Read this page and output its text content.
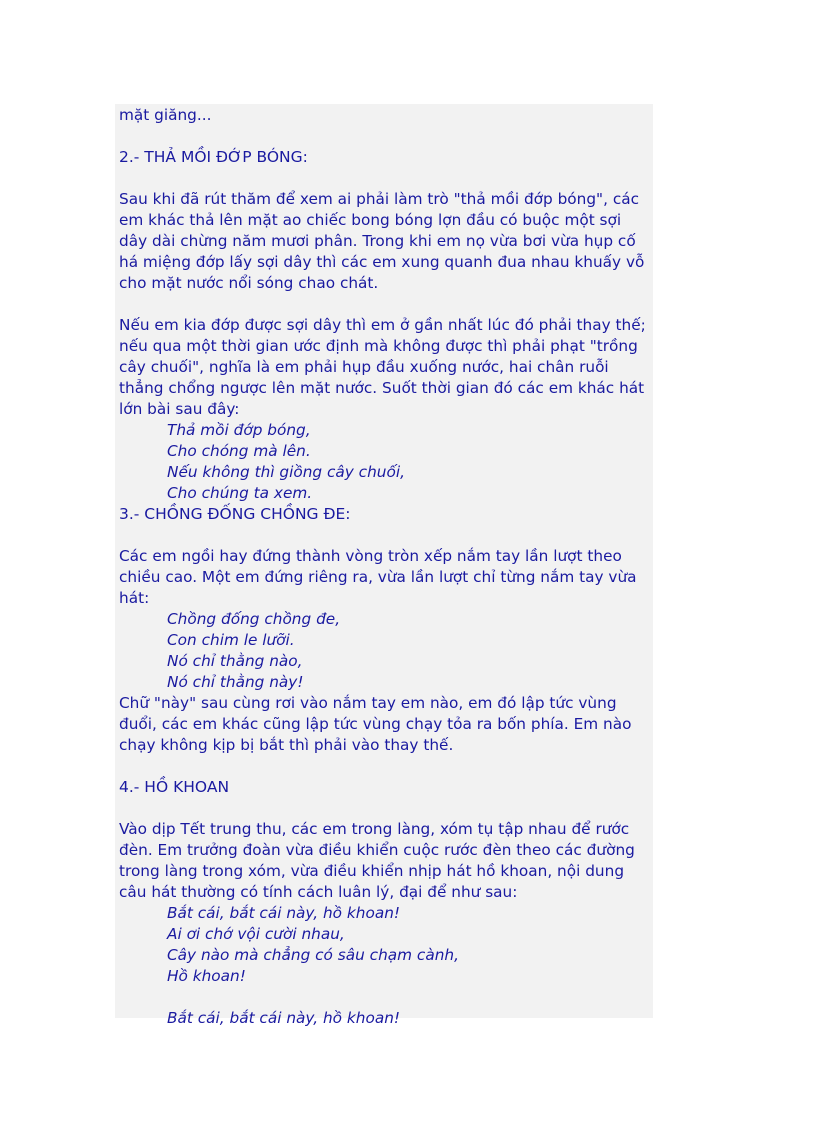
mặt giăng...

2.- THẢ MỒI ĐỚP BÓNG:

Sau khi đã rút thăm để xem ai phải làm trò "thả mồi đớp bóng", các em khác thả lên mặt ao chiếc bong bóng lợn đầu có buộc một sợi dây dài chừng năm mươi phân. Trong khi em nọ vừa bơi vừa hụp cố há miệng đớp lấy sợi dây thì các em xung quanh đua nhau khuấy vỗ cho mặt nước nổi sóng chao chát.

Nếu em kia đớp được sợi dây thì em ở gần nhất lúc đó phải thay thế; nếu qua một thời gian ước định mà không được thì phải phạt "trồng cây chuối", nghĩa là em phải hụp đầu xuống nước, hai chân ruỗi thẳng chổng ngược lên mặt nước. Suốt thời gian đó các em khác hát lớn bài sau đây:

Thả mồi đớp bóng,

Cho chóng mà lên.

Nếu không thì giồng cây chuối,

Cho chúng ta xem.

3.- CHỒNG ĐỐNG CHỒNG ĐE:

Các em ngồi hay đứng thành vòng tròn xếp nắm tay lần lượt theo chiều cao. Một em đứng riêng ra, vừa lần lượt chỉ từng nắm tay vừa hát:

Chồng đống chồng đe,

Con chim le lưỡi.

Nó chỉ thằng nào,

Nó chỉ thằng này!

Chữ "này" sau cùng rơi vào nắm tay em nào, em đó lập tức vùng đuổi, các em khác cũng lập tức vùng chạy tỏa ra bốn phía. Em nào chạy không kịp bị bắt thì phải vào thay thế.

4.- HỒ KHOAN

Vào dịp Tết trung thu, các em trong làng, xóm tụ tập nhau để rước đèn. Em trưởng đoàn vừa điều khiển cuộc rước đèn theo các đường trong làng trong xóm, vừa điều khiển nhịp hát hồ khoan, nội dung câu hát thường có tính cách luân lý, đại để như sau:

Bắt cái, bắt cái này, hồ khoan!

Ai ơi chớ vội cười nhau,

Cây nào mà chẳng có sâu chạm cành,

Hồ khoan!

Bắt cái, bắt cái này, hồ khoan!
